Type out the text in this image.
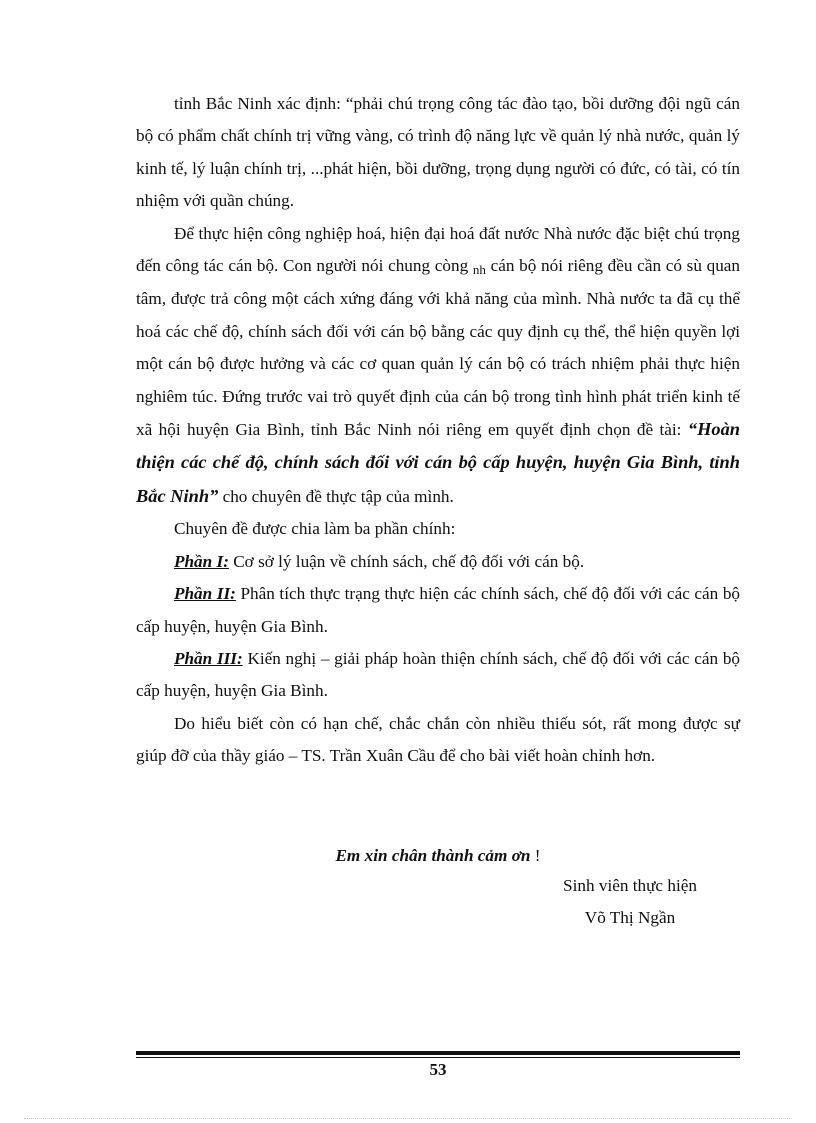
tỉnh Bắc Ninh xác định: “phải chú trọng công tác đào tạo, bồi dưỡng đội ngũ cán bộ có phẩm chất chính trị vững vàng, có trình độ năng lực về quản lý nhà nước, quản lý kinh tế, lý luận chính trị, ...phát hiện, bồi dưỡng, trọng dụng người có đức, có tài, có tín nhiệm với quần chúng.

Để thực hiện công nghiệp hoá, hiện đại hoá đất nước Nhà nước đặc biệt chú trọng đến công tác cán bộ. Con người nói chung còng nh cán bộ nói riêng đều cần có sù quan tâm, được trả công một cách xứng đáng với khả năng của mình. Nhà nước ta đã cụ thể hoá các chế độ, chính sách đối với cán bộ bằng các quy định cụ thể, thể hiện quyền lợi một cán bộ được hưởng và các cơ quan quản lý cán bộ có trách nhiệm phải thực hiện nghiêm túc. Đứng trước vai trò quyết định của cán bộ trong tình hình phát triển kinh tế xã hội huyện Gia Bình, tỉnh Bắc Ninh nói riêng em quyết định chọn đề tài: “Hoàn thiện các chế độ, chính sách đối với cán bộ cấp huyện, huyện Gia Bình, tỉnh Bắc Ninh” cho chuyên đề thực tập của mình.

Chuyên đề được chia làm ba phần chính:

Phần I: Cơ sở lý luận về chính sách, chế độ đối với cán bộ.

Phần II: Phân tích thực trạng thực hiện các chính sách, chế độ đối với các cán bộ cấp huyện, huyện Gia Bình.

Phần III: Kiến nghị – giải pháp hoàn thiện chính sách, chế độ đối với các cán bộ cấp huyện, huyện Gia Bình.

Do hiểu biết còn có hạn chế, chắc chắn còn nhiều thiếu sót, rất mong được sự giúp đỡ của thầy giáo – TS. Trần Xuân Cầu để cho bài viết hoàn chỉnh hơn.

Em xin chân thành cảm ơn !

Sinh viên thực hiện

Võ Thị Ngần

53
